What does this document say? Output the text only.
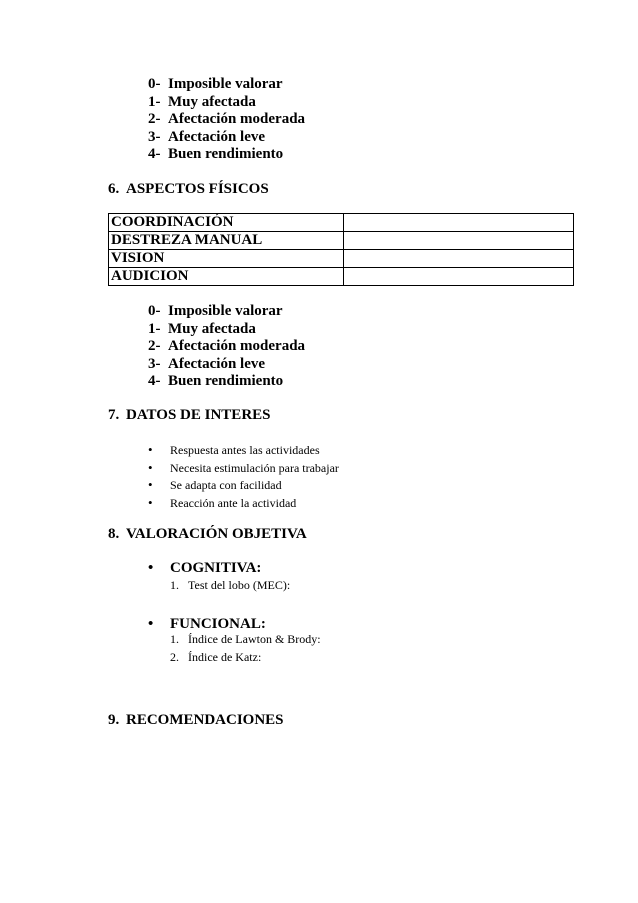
0- Imposible valorar
1- Muy afectada
2- Afectación moderada
3- Afectación leve
4- Buen rendimiento
6. ASPECTOS FÍSICOS
COORDINACIÓN	
DESTREZA MANUAL	
VISION	
AUDICION	
0- Imposible valorar
1- Muy afectada
2- Afectación moderada
3- Afectación leve
4- Buen rendimiento
7. DATOS DE INTERES
• Respuesta antes las actividades
• Necesita estimulación para trabajar
• Se adapta con facilidad
• Reacción ante la actividad
8. VALORACIÓN OBJETIVA
• COGNITIVA:
1. Test del lobo (MEC):
• FUNCIONAL:
1. Índice de Lawton & Brody:
2. Índice de Katz:
9. RECOMENDACIONES
